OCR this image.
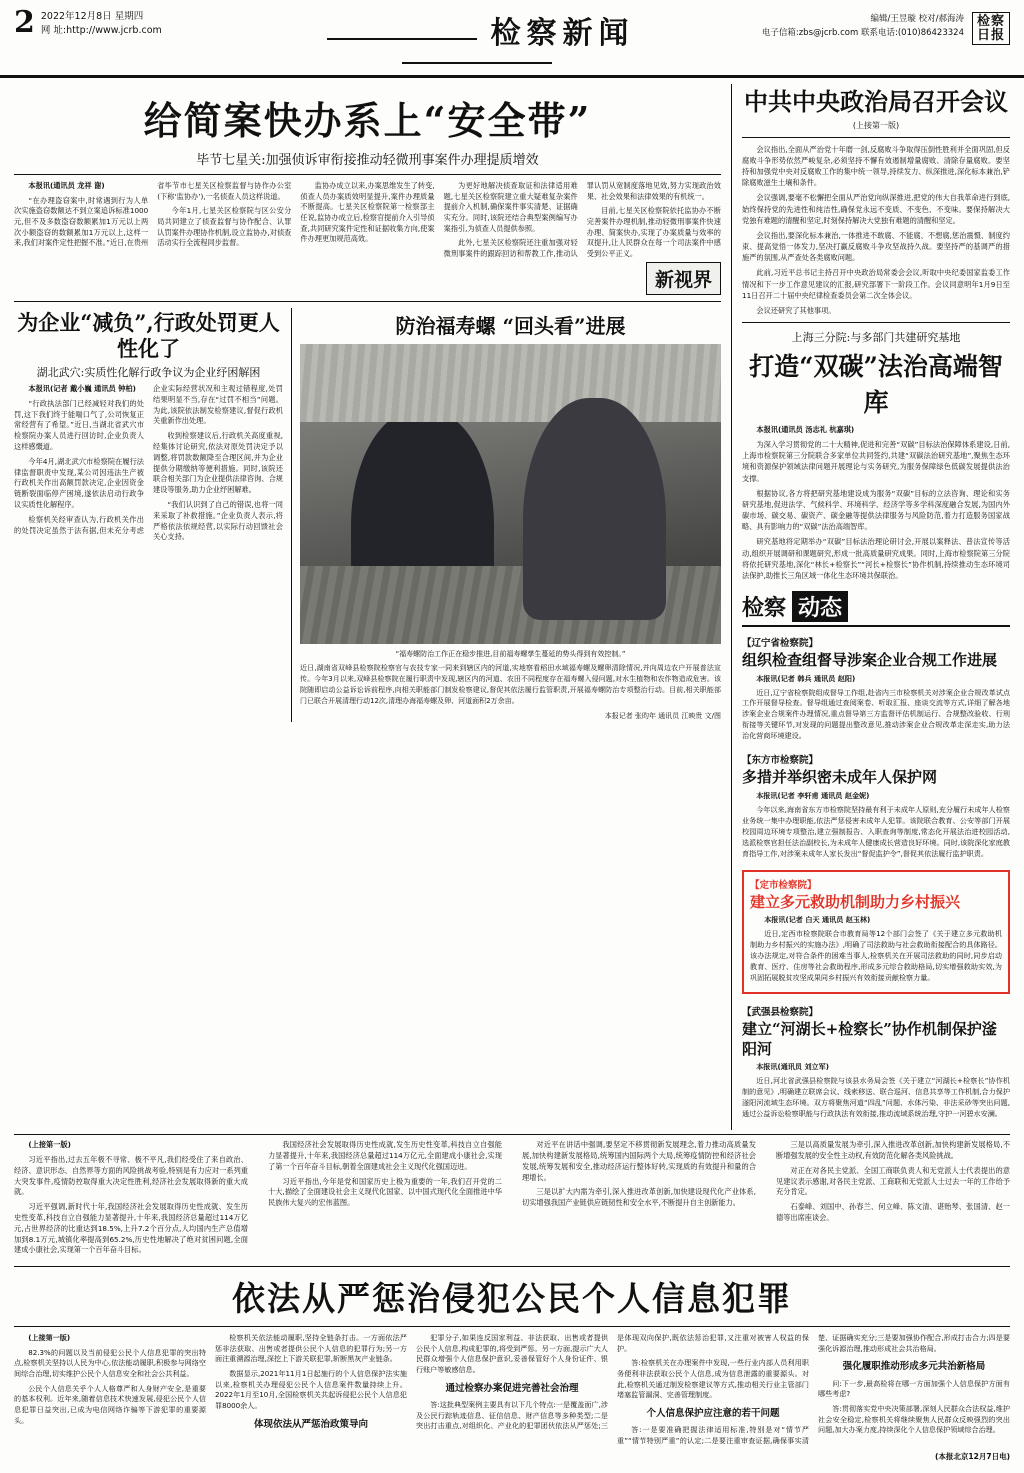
2 2022年12月8日 星期四
网 址:http://www.jcrb.com	检察新闻	编辑/王昱璇 校对/郝海涛
电子信箱:zbs@jcrb.com 联系电话:(010)86423324
检察
日报
给简案快办系上“安全带”
毕节七星关:加强侦诉审衔接推动轻微刑事案件办理提质增效

本报讯(通讯员 龙祥 谢)

“在办理盗窃案中,时常遇到行为人单次实施盗窃数额达不到立案追诉标准1000元,但不及多数盗窃数额累加1万元以上两次小额盗窃的数额累加1万元以上,这样一来,我们对案件定性把握不准。”近日,在贵州省毕节市七星关区检察监督与协作办公室(下称‘监协办’),一名侦查人员这样说道。

今年1月,七星关区检察院与区公安分局共同建立了侦查监督与协作配合、认罪认罚案件办理协作机制,设立监协办,对侦查活动实行全流程同步监督。

监协办成立以来,办案思维发生了转变,侦查人员办案质效明显提升,案件办理质量不断提高。七星关区检察院第一检察部主任说,监协办成立后,检察官提前介入引导侦查,共同研究案件定性和证据收集方向,使案件办理更加规范高效。

为更好地解决侦查取证和法律适用难题,七星关区检察院建立重大疑难复杂案件提前介入机制,确保案件事实清楚、证据确实充分。同时,该院还结合典型案例编写办案指引,为侦查人员提供参照。

此外,七星关区检察院还注重加强对轻微刑事案件的跟踪回访和帮教工作,推动认罪认罚从宽制度落地见效,努力实现政治效果、社会效果和法律效果的有机统一。

目前,七星关区检察院依托监协办不断完善案件办理机制,推动轻微刑事案件快速办理、简案快办,实现了办案质量与效率的双提升,让人民群众在每一个司法案件中感受到公平正义。

新视界
为企业“减负”,行政处罚更人性化了
湖北武穴:实质性化解行政争议为企业纾困解困

本报讯(记者 戴小巍 通讯员 钟柏)

“行政执法部门已经减轻对我们的处罚,这下我们终于能喘口气了,公司恢复正常经营有了希望。”近日,当湖北省武穴市检察院办案人员进行回访时,企业负责人这样感慨道。

今年4月,湖北武穴市检察院在履行法律监督职责中发现,某公司因违法生产被行政机关作出高额罚款决定,企业因资金链断裂面临停产困境,遂依法启动行政争议实质性化解程序。

检察机关经审查认为,行政机关作出的处罚决定虽然于法有据,但未充分考虑企业实际经营状况和主观过错程度,处罚结果明显不当,存在“过罚不相当”问题。为此,该院依法制发检察建议,督促行政机关重新作出处理。

收到检察建议后,行政机关高度重视,经集体讨论研究,依法对原处罚决定予以调整,将罚款数额降至合理区间,并为企业提供分期缴纳等便利措施。同时,该院还联合相关部门为企业提供法律咨询、合规建设等服务,助力企业纾困解难。

“我们认识到了自己的错误,也将一同来采取了补救措施。”企业负责人表示,将严格依法依规经营,以实际行动回馈社会关心支持。

防治福寿螺 “回头看”进展
“福寿螺防治工作正在稳步推进,目前福寿螺孳生蔓延的势头得到有效控制。”
近日,湖南省双峰县检察院检察官与农技专家一同来到辖区内的河道,实地察看稻田水域福寿螺及螺卵清除情况,并向周边农户开展普法宣传。今年3月以来,双峰县检察院在履行职责中发现,辖区内的河道、农田不同程度存在福寿螺入侵问题,对水生植物和农作物造成危害。该院随即启动公益诉讼诉前程序,向相关职能部门制发检察建议,督促其依法履行监管职责,开展福寿螺防治专项整治行动。目前,相关职能部门已联合开展清理行动12次,清理办海福寿螺及卵、河道面积2万余亩。
本报记者 张昀年 通讯员 江映贵 文/图
中共中央政治局召开会议
(上接第一版)

会议指出,全面从严治党十年磨一剑,反腐败斗争取得压倒性胜利并全面巩固,但反腐败斗争形势依然严峻复杂,必须坚持不懈有效遏制增量腐败、清除存量腐败。要坚持和加强党中央对反腐败工作的集中统一领导,持续发力、纵深推进,深化标本兼治,铲除腐败滋生土壤和条件。

会议强调,要毫不松懈把全面从严治党向纵深推进,把党的伟大自我革命进行到底,始终保持党的先进性和纯洁性,确保党永远不变质、不变色、不变味。要保持解决大党独有难题的清醒和坚定,时刻保持解决大党独有难题的清醒和坚定。

会议指出,要深化标本兼治,一体推进不敢腐、不能腐、不想腐,惩治震慑、制度约束、提高觉悟一体发力,坚决打赢反腐败斗争攻坚战持久战。要坚持严的基调严的措施严的氛围,从严查处各类腐败问题。

此前,习近平总书记主持召开中央政治局常委会会议,听取中央纪委国家监委工作情况和下一步工作意见建议的汇报,研究部署下一阶段工作。会议同意明年1月9日至11日召开二十届中央纪律检查委员会第二次全体会议。

会议还研究了其他事项。

上海三分院:与多部门共建研究基地
打造“双碳”法治高端智库

本报讯(通讯员 汤志礼 杭嘉琪)

为深入学习贯彻党的二十大精神,促进和完善“双碳”目标法治保障体系建设,日前,上海市检察院第三分院联合多家单位共同签约,共建“双碳法治研究基地”,聚焦生态环境和资源保护领域法律问题开展理论与实务研究,为服务保障绿色低碳发展提供法治支撑。

根据协议,各方将把研究基地建设成为服务“双碳”目标的立法咨询、理论和实务研究基地,促进法学、气候科学、环境科学、经济学等多学科深度融合发展,为国内外碳市场、碳交易、碳资产、碳金融等提供法律服务与风险防范,着力打造服务国家战略、具有影响力的“双碳”法治高端智库。

研究基地将定期举办“双碳”目标法治理论研讨会,开展以案释法、普法宣传等活动,组织开展调研和课题研究,形成一批高质量研究成果。同时,上海市检察院第三分院将依托研究基地,深化“林长+检察长”“河长+检察长”协作机制,持续推动生态环境司法保护,助推长三角区域一体化生态环境共保联治。

检察 动态
【辽宁省检察院】
组织检查组督导涉案企业合规工作进展

本报讯(记者 韩兵 通讯员 赵阳)

近日,辽宁省检察院组成督导工作组,赴省内三市检察机关对涉案企业合规改革试点工作开展督导检查。督导组通过查阅案卷、听取汇报、座谈交流等方式,详细了解各地涉案企业合规案件办理情况,重点督导第三方监督评估机制运行、合规整改验收、行刑衔接等关键环节,对发现的问题提出整改意见,推动涉案企业合规改革走深走实,助力法治化营商环境建设。

【东方市检察院】
多措并举织密未成年人保护网

本报讯(记者 李轩甫 通讯员 赵金妮)

今年以来,海南省东方市检察院坚持最有利于未成年人原则,充分履行未成年人检察业务统一集中办理职能,依法严惩侵害未成年人犯罪。该院联合教育、公安等部门开展校园周边环境专项整治,建立强制报告、入职查询等制度,常态化开展法治进校园活动,选派检察官担任法治副校长,为未成年人健康成长营造良好环境。同时,该院深化家庭教育指导工作,对涉案未成年人家长发出“督促监护令”,督促其依法履行监护职责。

【定市检察院】
建立多元救助机制助力乡村振兴

本报讯(记者 白天 通讯员 赵玉林)

近日,定西市检察院联合市教育局等12个部门会签了《关于建立多元救助机制助力乡村振兴的实施办法》,明确了司法救助与社会救助衔接配合的具体路径。该办法规定,对符合条件的困难当事人,检察机关在开展司法救助的同时,同步启动教育、医疗、住房等社会救助程序,形成多元综合救助格局,切实增强救助实效,为巩固拓展脱贫攻坚成果同乡村振兴有效衔接贡献检察力量。

【武强县检察院】
建立“河湖长+检察长”协作机制保护滏阳河

本报讯(通讯员 刘立军)

近日,河北省武强县检察院与该县水务局会签《关于建立“河湖长+检察长”协作机制的意见》,明确建立联席会议、线索移送、联合巡河、信息共享等工作机制,合力保护滏阳河流域生态环境。双方将聚焦河道“四乱”问题、水体污染、非法采砂等突出问题,通过公益诉讼检察职能与行政执法有效衔接,推动流域系统治理,守护一河碧水安澜。

(上接第一版)

习近平指出,过去五年极不寻常、极不平凡,我们经受住了来自政治、经济、意识形态、自然界等方面的风险挑战考验,特别是有力应对一系列重大突发事件,疫情防控取得重大决定性胜利,经济社会发展取得新的重大成就。

习近平强调,新时代十年,我国经济社会发展取得历史性成就、发生历史性变革,科技自立自强能力显著提升,十年来,我国经济总量超过114万亿元,占世界经济的比重达到18.5%,上升7.2个百分点,人均国内生产总值增加到8.1万元,城镇化率提高到65.2%,历史性地解决了绝对贫困问题,全面建成小康社会,实现第一个百年奋斗目标。

我国经济社会发展取得历史性成就,发生历史性变革,科技自立自强能力显著提升,十年来,我国经济总量超过114万亿元,全面建成小康社会,实现了第一个百年奋斗目标,朝着全面建成社会主义现代化强国迈进。

习近平指出,今年是党和国家历史上极为重要的一年,我们召开党的二十大,描绘了全面建设社会主义现代化国家、以中国式现代化全面推进中华民族伟大复兴的宏伟蓝图。

对近平在讲话中强调,要坚定不移贯彻新发展理念,着力推动高质量发展,加快构建新发展格局,统筹国内国际两个大局,统筹疫情防控和经济社会发展,统筹发展和安全,推动经济运行整体好转,实现质的有效提升和量的合理增长。

三是以扩大内需为牵引,深入推进改革创新,加快建设现代化产业体系,切实增强我国产业链供应链韧性和安全水平,不断提升自主创新能力。

三是以高质量发展为牵引,深入推进改革创新,加快构建新发展格局,不断增强发展的安全性主动权,有效防范化解各类风险挑战。

对正在对各民主党派、全国工商联负责人和无党派人士代表提出的意见建议表示感谢,对各民主党派、工商联和无党派人士过去一年的工作给予充分肯定。

石泰峰、刘国中、孙春兰、何立峰、陈文清、谌贻琴、张国清、赵一德等出席座谈会。

依法从严惩治侵犯公民个人信息犯罪

(上接第一版)

82.3%的问题以及当前侵犯公民个人信息犯罪的突出特点,检察机关坚持以人民为中心,依法能动履职,积极参与网络空间综合治理,切实维护公民个人信息安全和社会公共利益。

公民个人信息关乎个人人格尊严和人身财产安全,是重要的基本权利。近年来,随着信息技术快速发展,侵犯公民个人信息犯罪日益突出,已成为电信网络诈骗等下游犯罪的重要源头。

检察机关依法能动履职,坚持全链条打击。一方面依法严惩非法获取、出售或者提供公民个人信息的犯罪行为;另一方面注重溯源治理,深挖上下游关联犯罪,斩断黑灰产业链条。

数据显示,2021年11月1日起施行的个人信息保护法实施以来,检察机关办理侵犯公民个人信息案件数量持续上升。2022年1月至10月,全国检察机关共起诉侵犯公民个人信息犯罪8000余人。

体现依法从严惩治政策导向

犯罪分子,如果连反国家利益、非法获取、出售或者提供公民个人信息,构成犯罪的,将受到严惩。另一方面,提示广大人民群众增强个人信息保护意识,妥善保管好个人身份证件、银行账户等敏感信息。

通过检察办案促进完善社会治理

答:这批典型案例主要具有以下几个特点:一是覆盖面广,涉及公民行踪轨迹信息、征信信息、财产信息等多种类型;二是突出打击重点,对组织化、产业化的犯罪团伙依法从严惩处;三是体现双向保护,既依法惩治犯罪,又注重对被害人权益的保护。

答:检察机关在办理案件中发现,一些行业内部人员利用职务便利非法获取公民个人信息,成为信息泄露的重要源头。对此,检察机关通过制发检察建议等方式,推动相关行业主管部门堵塞监管漏洞、完善管理制度。

个人信息保护应注意的若干问题

答:一是要准确把握法律适用标准,特别是对“情节严重”“情节特别严重”的认定;二是要注重审查证据,确保事实清楚、证据确实充分;三是要加强协作配合,形成打击合力;四是要强化诉源治理,推动形成社会共治格局。

强化履职推动形成多元共治新格局

问:下一步,最高检将在哪一方面加强个人信息保护方面有哪些考虑?

答:贯彻落实党中央决策部署,深刻人民群众合法权益,维护社会安全稳定,检察机关将继续聚焦人民群众反映强烈的突出问题,加大办案力度,持续深化个人信息保护领域综合治理。

(本报北京12月7日电)
